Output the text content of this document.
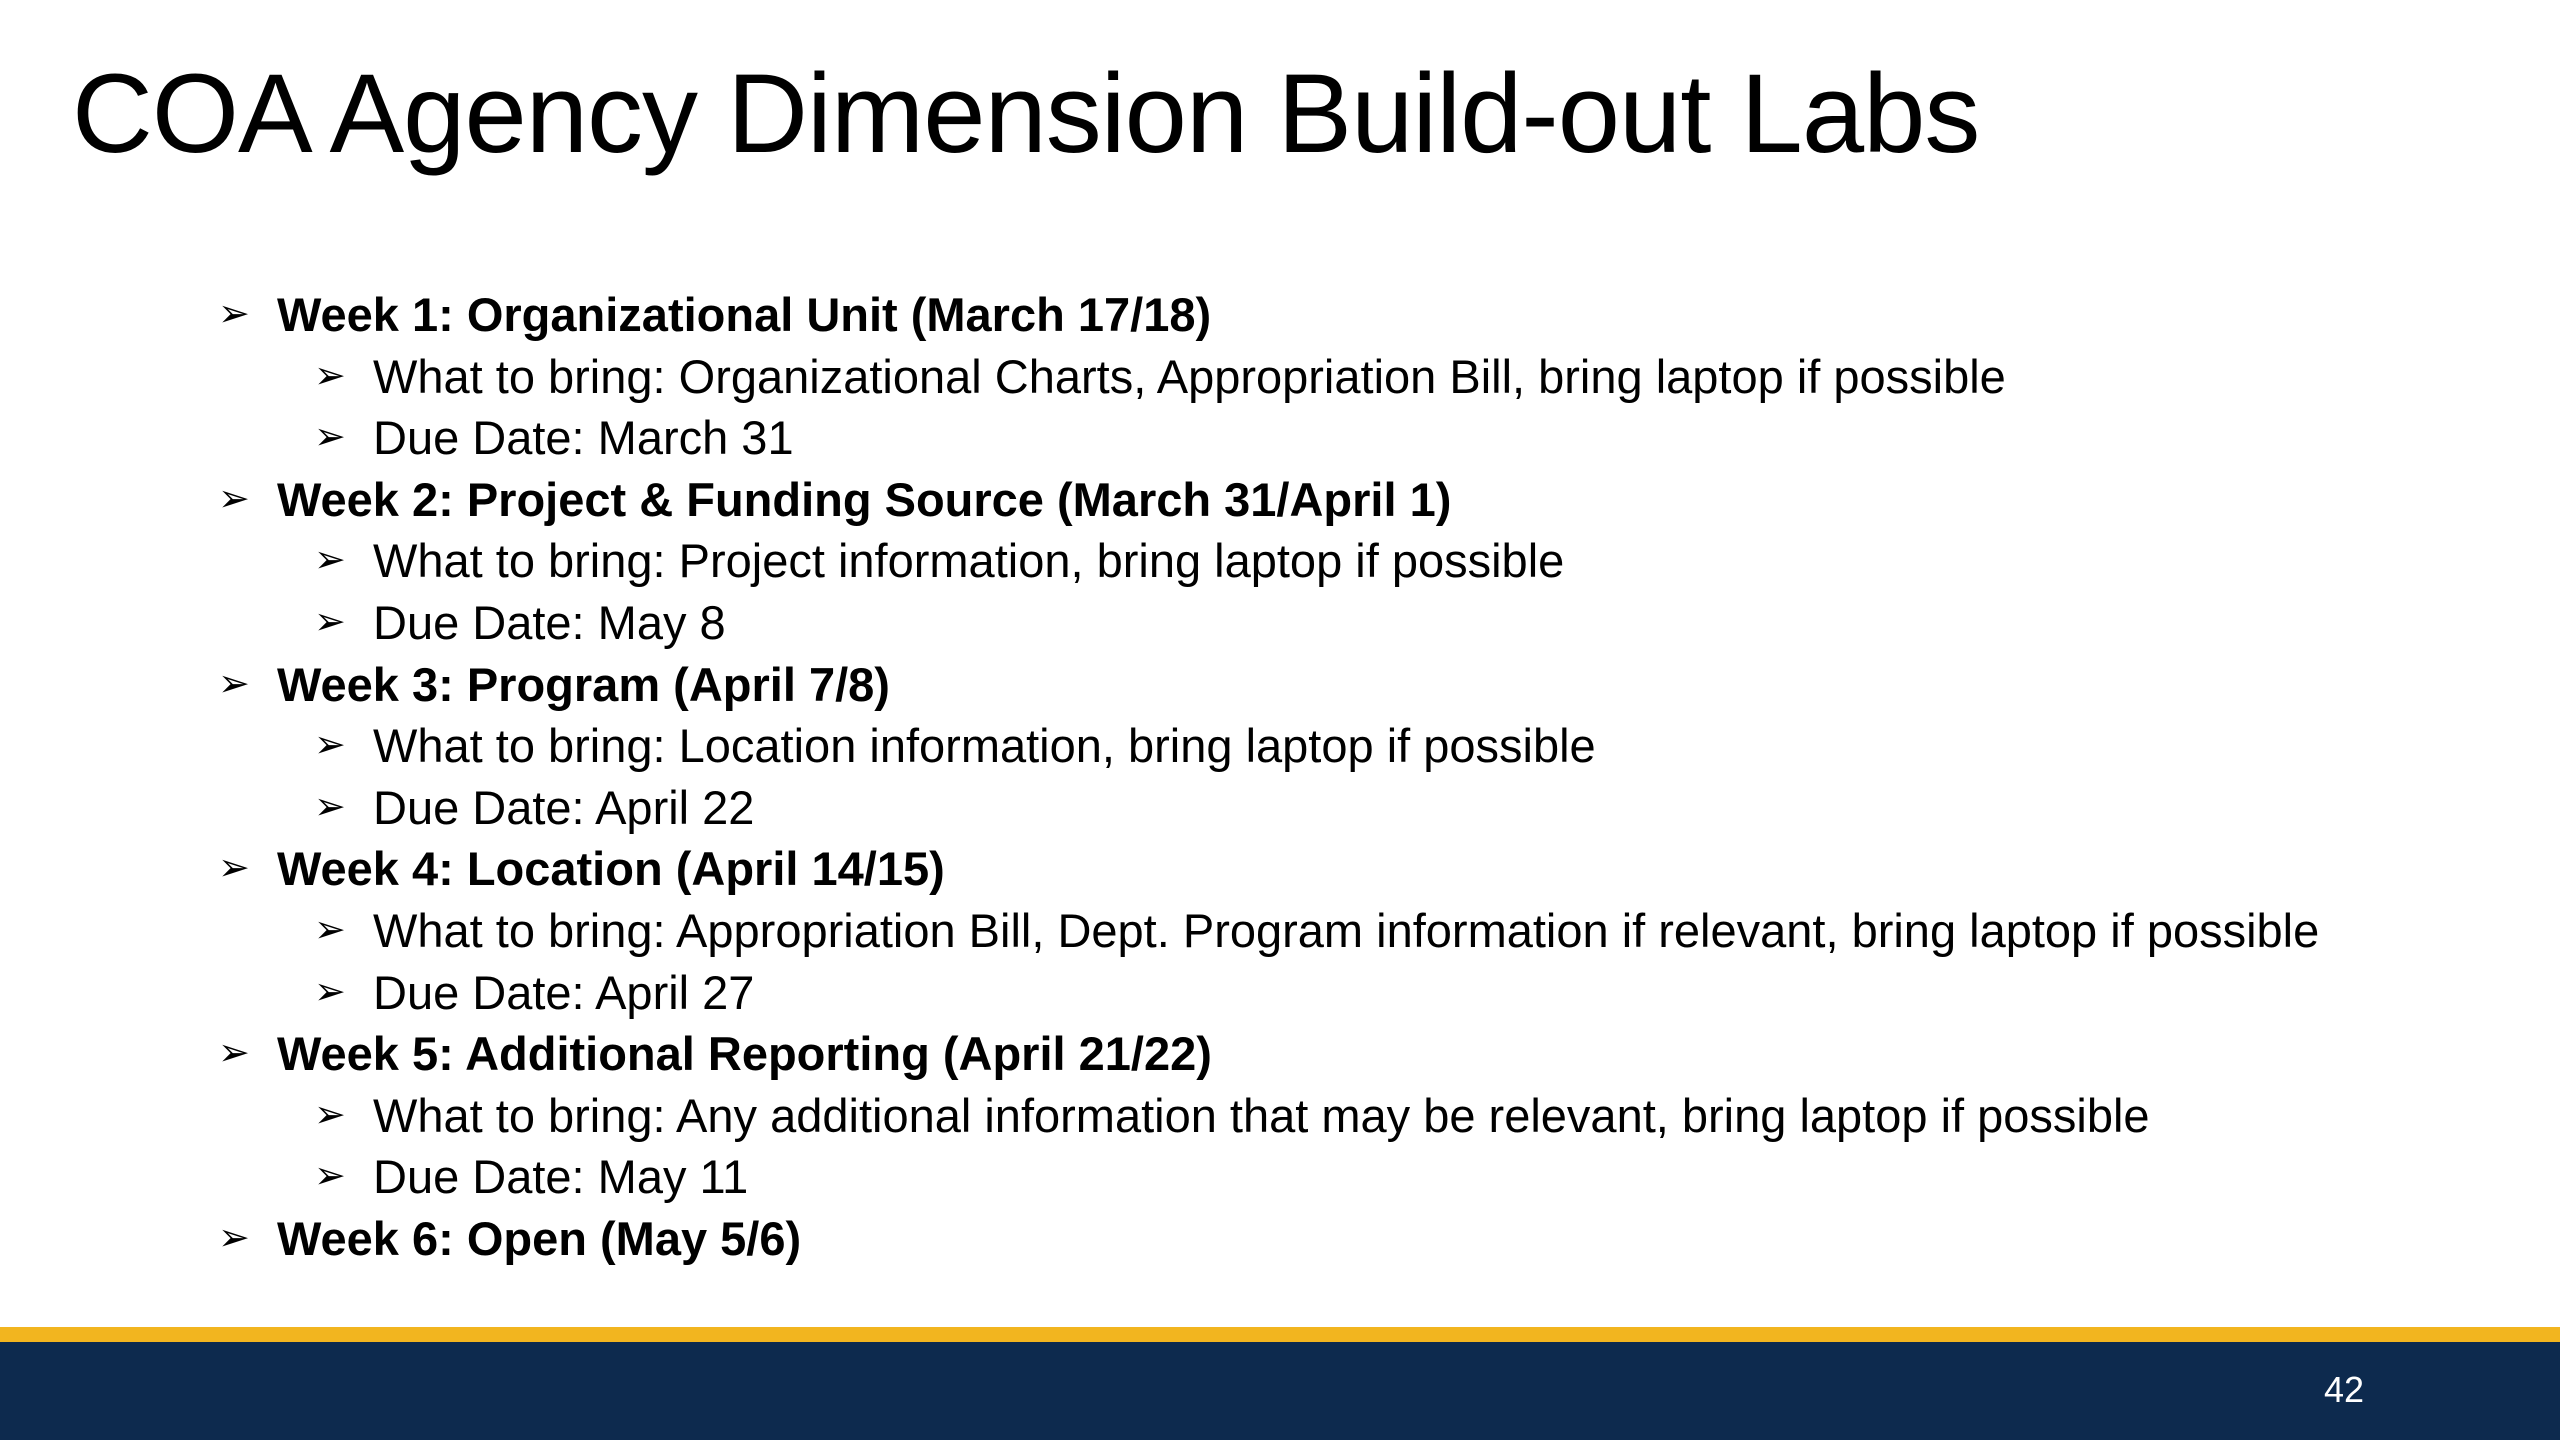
COA Agency Dimension Build-out Labs
➢ Week 1: Organizational Unit (March 17/18)
➢ What to bring: Organizational Charts, Appropriation Bill, bring laptop if possible
➢ Due Date: March 31
➢ Week 2: Project & Funding Source (March 31/April 1)
➢ What to bring: Project information, bring laptop if possible
➢ Due Date: May 8
➢ Week 3: Program (April 7/8)
➢ What to bring: Location information, bring laptop if possible
➢ Due Date: April 22
➢ Week 4: Location (April 14/15)
➢ What to bring: Appropriation Bill, Dept. Program information if relevant, bring laptop if possible
➢ Due Date: April 27
➢ Week 5: Additional Reporting (April 21/22)
➢ What to bring: Any additional information that may be relevant, bring laptop if possible
➢ Due Date: May 11
➢ Week 6: Open (May 5/6)
42
